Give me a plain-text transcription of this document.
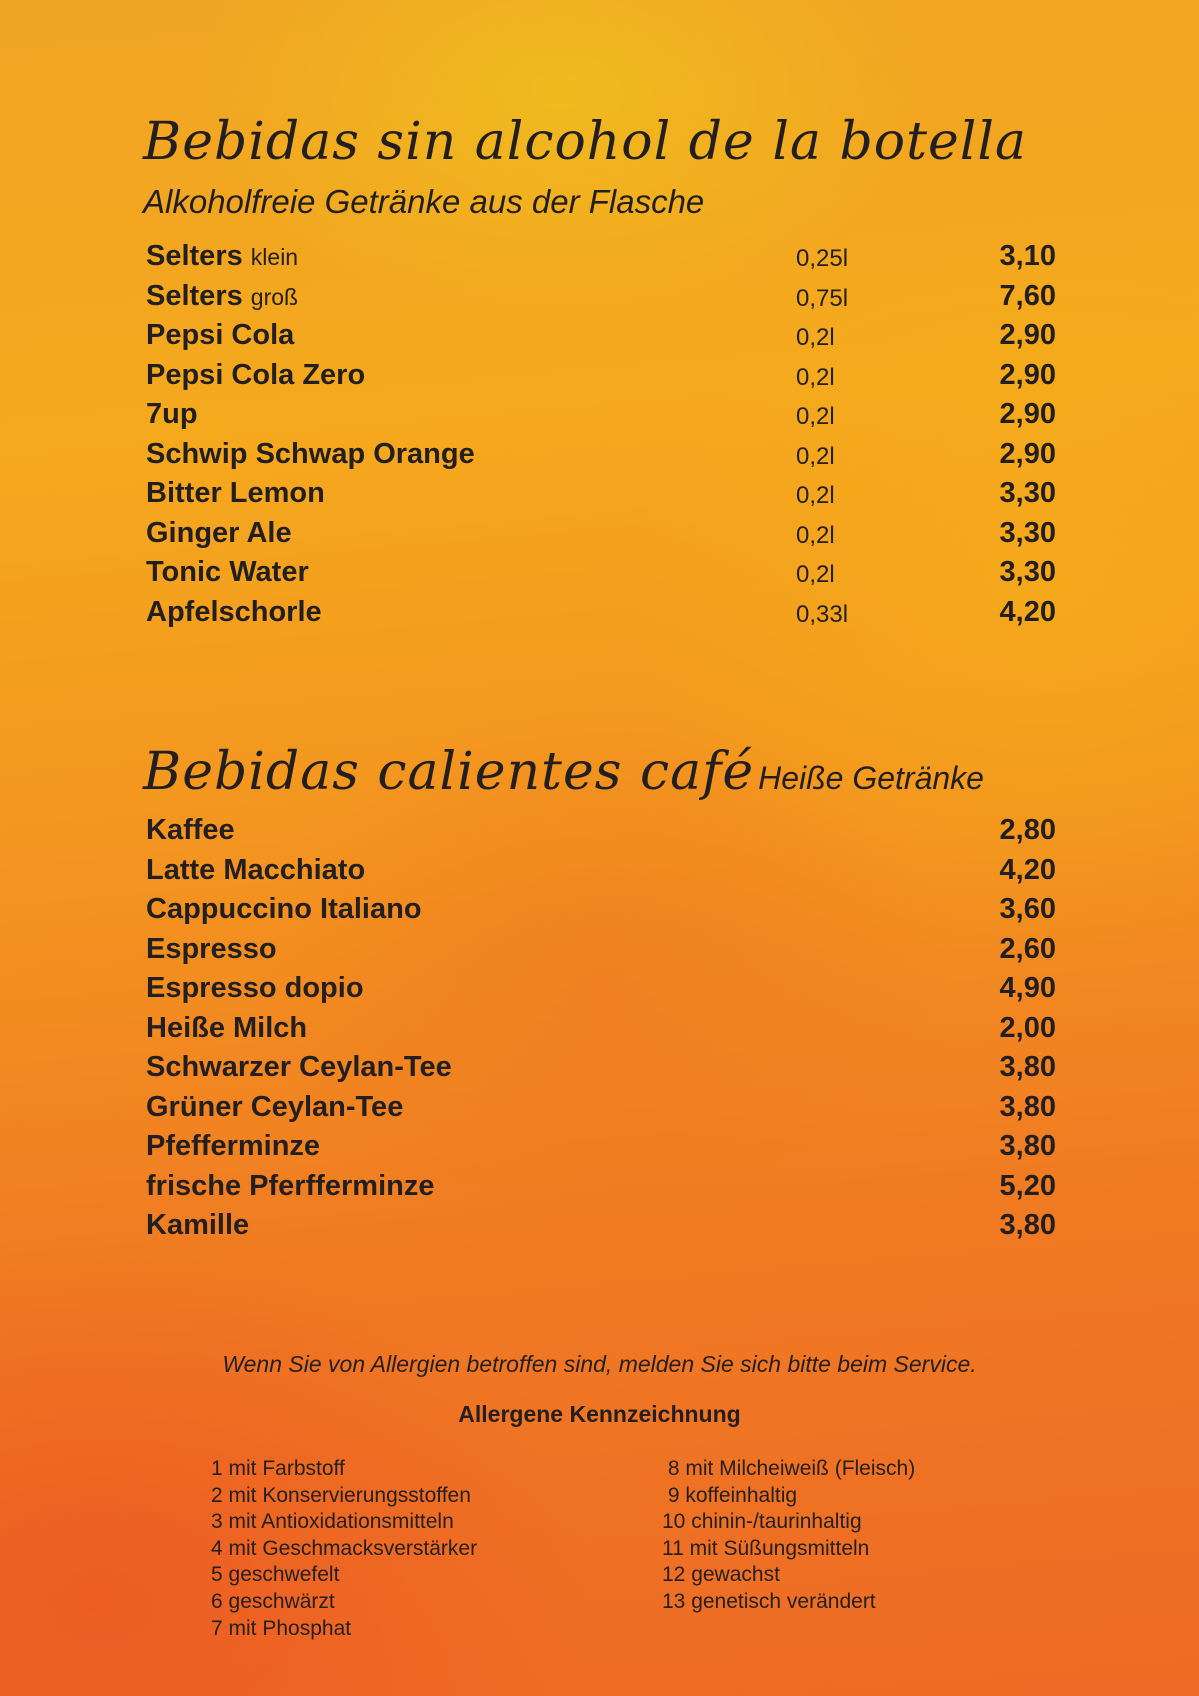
Bebidas sin alcohol de la botella
Alkoholfreie Getränke aus der Flasche
Selters klein	0,25l	3,10
Selters groß	0,75l	7,60
Pepsi Cola	0,2l	2,90
Pepsi Cola Zero	0,2l	2,90
7up	0,2l	2,90
Schwip Schwap Orange	0,2l	2,90
Bitter Lemon	0,2l	3,30
Ginger Ale	0,2l	3,30
Tonic Water	0,2l	3,30
Apfelschorle	0,33l	4,20
Bebidas calientes café Heiße Getränke
Kaffee	2,80
Latte Macchiato	4,20
Cappuccino Italiano	3,60
Espresso	2,60
Espresso dopio	4,90
Heiße Milch	2,00
Schwarzer Ceylan-Tee	3,80
Grüner Ceylan-Tee	3,80
Pfefferminze	3,80
frische Pferfferminze	5,20
Kamille	3,80
Wenn Sie von Allergien betroffen sind, melden Sie sich bitte beim Service.
Allergene Kennzeichnung
1 mit Farbstoff
2 mit Konservierungsstoffen
3 mit Antioxidationsmitteln
4 mit Geschmacksverstärker
5 geschwefelt
6 geschwärzt
7 mit Phosphat
8 mit Milcheiweiß (Fleisch)
9 koffeinhaltig
10 chinin-/taurinhaltig
11 mit Süßungsmitteln
12 gewachst
13 genetisch verändert
